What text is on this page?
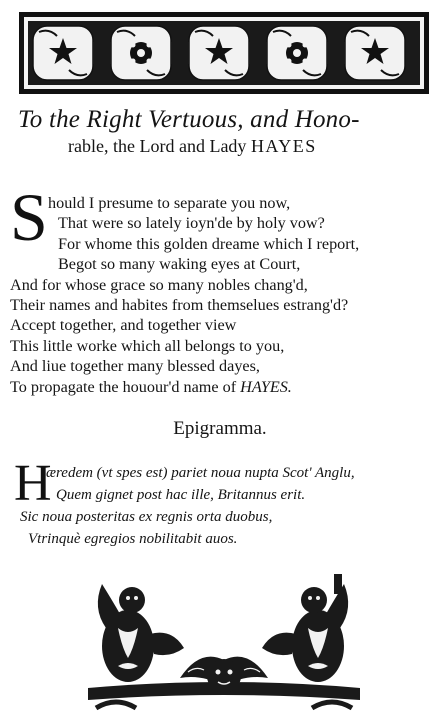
To the Right Vertuous, and Hono-
rable, the Lord and Lady HAYES
S hould I presume to separate you now,
That were so lately ioyn'de by holy vow?
For whome this golden dreame which I report,
Begot so many waking eyes at Court,
And for whose grace so many nobles chang'd,
Their names and habites from themselues estrang'd?
Accept together, and together view
This little worke which all belongs to you,
And liue together many blessed dayes,
To propagate the houour'd name of HAYES.
Epigramma.
H
æredem (vt spes est) pariet noua nupta Scot' Anglu,
Quem gignet post hac ille, Britannus erit.
Sic noua posteritas ex regnis orta duobus,
Vtrinquè egregios nobilitabit auos.
